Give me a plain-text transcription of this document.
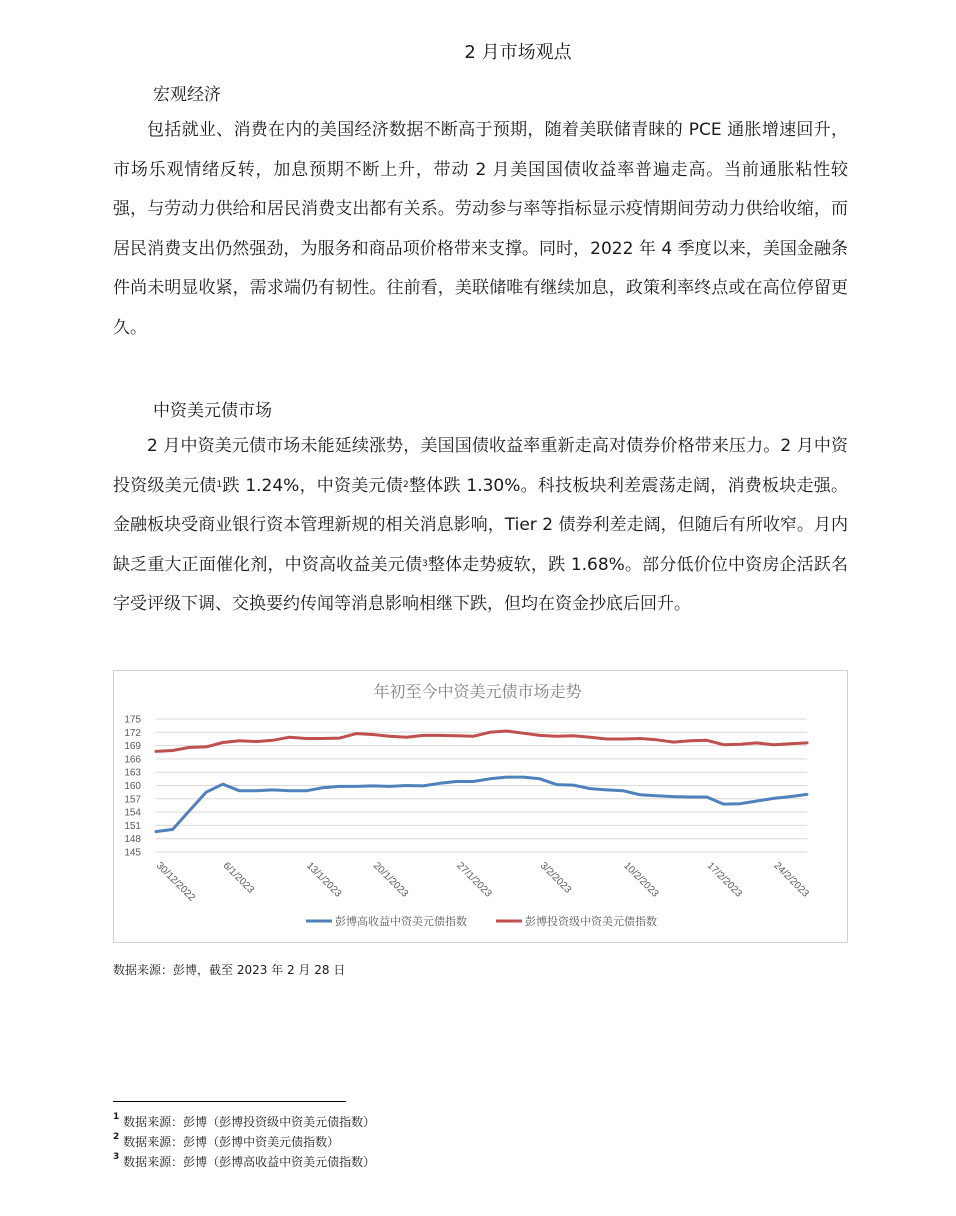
2 月市场观点
宏观经济

包括就业、消费在内的美国经济数据不断高于预期，随着美联储青睐的 PCE 通胀增速回升，市场乐观情绪反转，加息预期不断上升，带动 2 月美国国债收益率普遍走高。当前通胀粘性较强，与劳动力供给和居民消费支出都有关系。劳动参与率等指标显示疫情期间劳动力供给收缩，而居民消费支出仍然强劲，为服务和商品项价格带来支撑。同时，2022 年 4 季度以来，美国金融条件尚未明显收紧，需求端仍有韧性。往前看，美联储唯有继续加息，政策利率终点或在高位停留更久。

中资美元债市场

2 月中资美元债市场未能延续涨势，美国国债收益率重新走高对债券价格带来压力。2 月中资投资级美元债$^1$跌 1.24%，中资美元债$^2$整体跌 1.30%。科技板块利差震荡走阔，消费板块走强。金融板块受商业银行资本管理新规的相关消息影响，Tier 2 债券利差走阔，但随后有所收窄。月内缺乏重大正面催化剂，中资高收益美元债$^3$整体走势疲软，跌 1.68%。部分低价位中资房企活跃名字受评级下调、交换要约传闻等消息影响相继下跌，但均在资金抄底后回升。

年初至今中资美元债市场走势
145
148
151
154
157
160
163
166
169
172
175
30/12/2022 6/1/2023	13/1/2023	20/1/2023	27/1/2023	3/2/2023	10/2/2023	17/2/2023	24/2/2023
彭博高收益中资美元债指数	彭博投资级中资美元债指数
数据来源：彭博，截至 2023 年 2 月 28 日
$^1$ 数据来源：彭博（彭博投资级中资美元债指数）
$^2$ 数据来源：彭博（彭博中资美元债指数）
$^3$ 数据来源：彭博（彭博高收益中资美元债指数）
